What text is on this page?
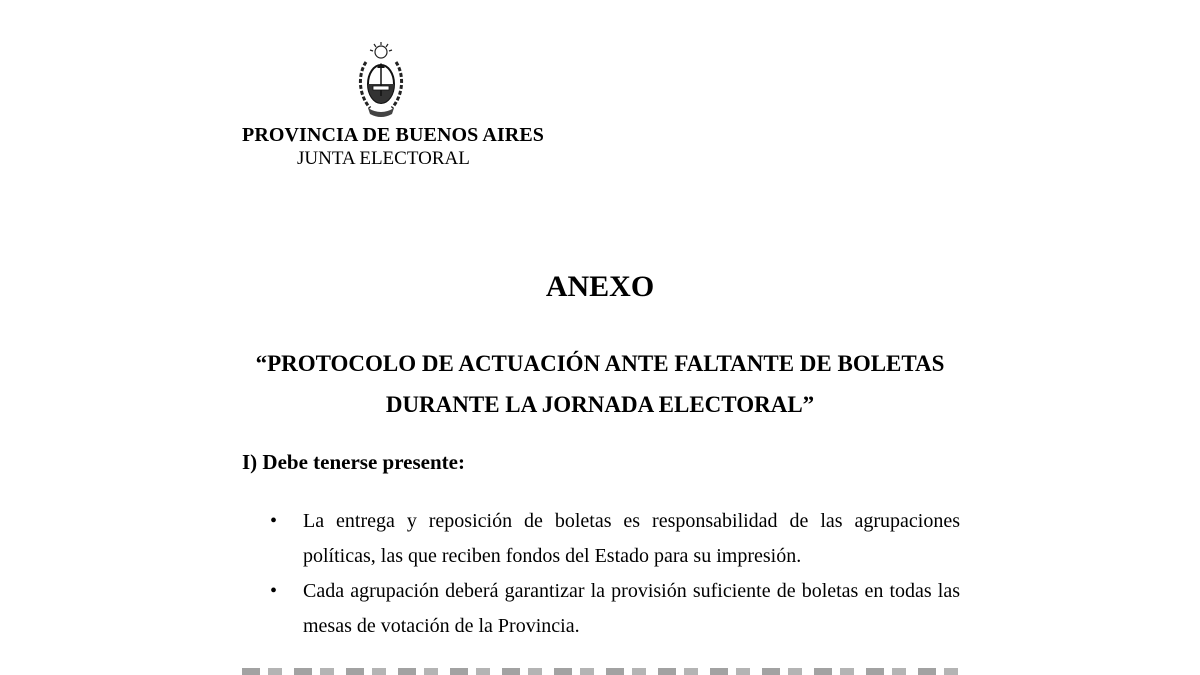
PROVINCIA DE BUENOS AIRES
JUNTA ELECTORAL
ANEXO
“PROTOCOLO DE ACTUACIÓN ANTE FALTANTE DE BOLETAS
DURANTE LA JORNADA ELECTORAL”
I) Debe tenerse presente:
• La entrega y reposición de boletas es responsabilidad de las agrupaciones políticas, las que reciben fondos del Estado para su impresión.
• Cada agrupación deberá garantizar la provisión suficiente de boletas en todas las mesas de votación de la Provincia.
